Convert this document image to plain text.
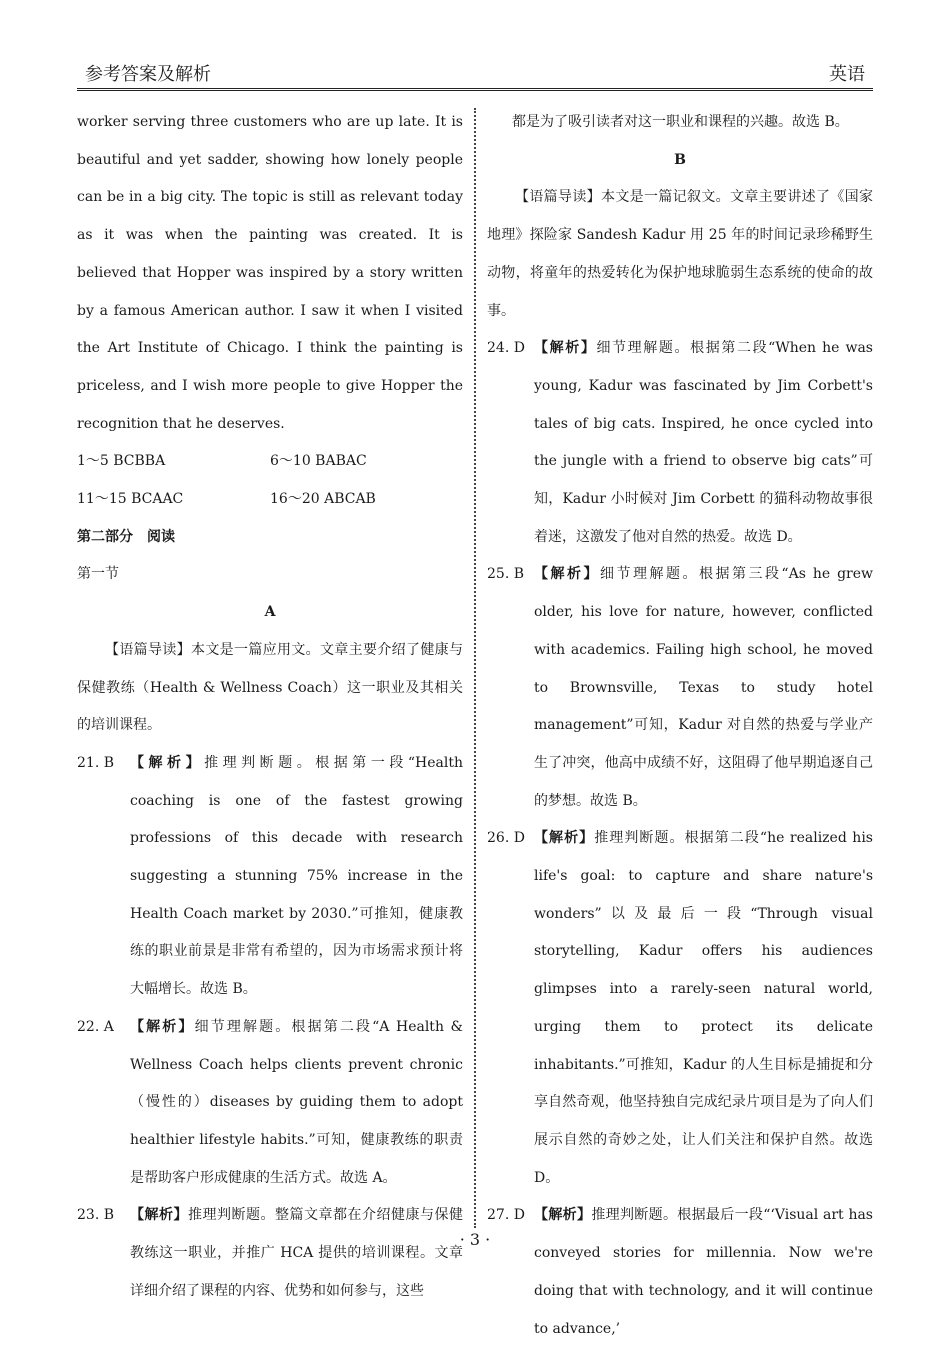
参考答案及解析	英语
worker serving three customers who are up late. It is beautiful and yet sadder, showing how lonely people can be in a big city. The topic is still as relevant today as it was when the painting was created. It is believed that Hopper was inspired by a story written by a famous American author. I saw it when I visited the Art Institute of Chicago. I think the painting is priceless, and I wish more people to give Hopper the recognition that he deserves.
1～5 BCBBA	6～10 BABAC
11～15 BCAAC	16～20 ABCAB
第二部分　阅读
第一节
A
【语篇导读】本文是一篇应用文。文章主要介绍了健康与保健教练（Health & Wellness Coach）这一职业及其相关的培训课程。
21. B	【解析】推理判断题。根据第一段“Health coaching is one of the fastest growing professions of this decade with research suggesting a stunning 75% increase in the Health Coach market by 2030.”可推知，健康教练的职业前景是非常有希望的，因为市场需求预计将大幅增长。故选 B。
22. A	【解析】细节理解题。根据第二段“A Health & Wellness Coach helps clients prevent chronic（慢性的）diseases by guiding them to adopt healthier lifestyle habits.”可知，健康教练的职责是帮助客户形成健康的生活方式。故选 A。
23. B	【解析】推理判断题。整篇文章都在介绍健康与保健教练这一职业，并推广 HCA 提供的培训课程。文章详细介绍了课程的内容、优势和如何参与，这些
都是为了吸引读者对这一职业和课程的兴趣。故选 B。
B
【语篇导读】本文是一篇记叙文。文章主要讲述了《国家地理》探险家 Sandesh Kadur 用 25 年的时间记录珍稀野生动物，将童年的热爱转化为保护地球脆弱生态系统的使命的故事。
24. D 【解析】细节理解题。根据第二段“When he was young, Kadur was fascinated by Jim Corbett's tales of big cats. Inspired, he once cycled into the jungle with a friend to observe big cats”可知，Kadur 小时候对 Jim Corbett 的猫科动物故事很着迷，这激发了他对自然的热爱。故选 D。
25. B 【解析】细节理解题。根据第三段“As he grew older, his love for nature, however, conflicted with academics. Failing high school, he moved to Brownsville, Texas to study hotel management”可知，Kadur 对自然的热爱与学业产生了冲突，他高中成绩不好，这阻碍了他早期追逐自己的梦想。故选 B。
26. D 【解析】推理判断题。根据第二段“he realized his life's goal: to capture and share nature's wonders”以及最后一段“Through visual storytelling, Kadur offers his audiences glimpses into a rarely-seen natural world, urging them to protect its delicate inhabitants.”可推知，Kadur 的人生目标是捕捉和分享自然奇观，他坚持独自完成纪录片项目是为了向人们展示自然的奇妙之处，让人们关注和保护自然。故选 D。
27. D 【解析】推理判断题。根据最后一段“‘Visual art has conveyed stories for millennia. Now we're doing that with technology, and it will continue to advance,’
· 3 ·
